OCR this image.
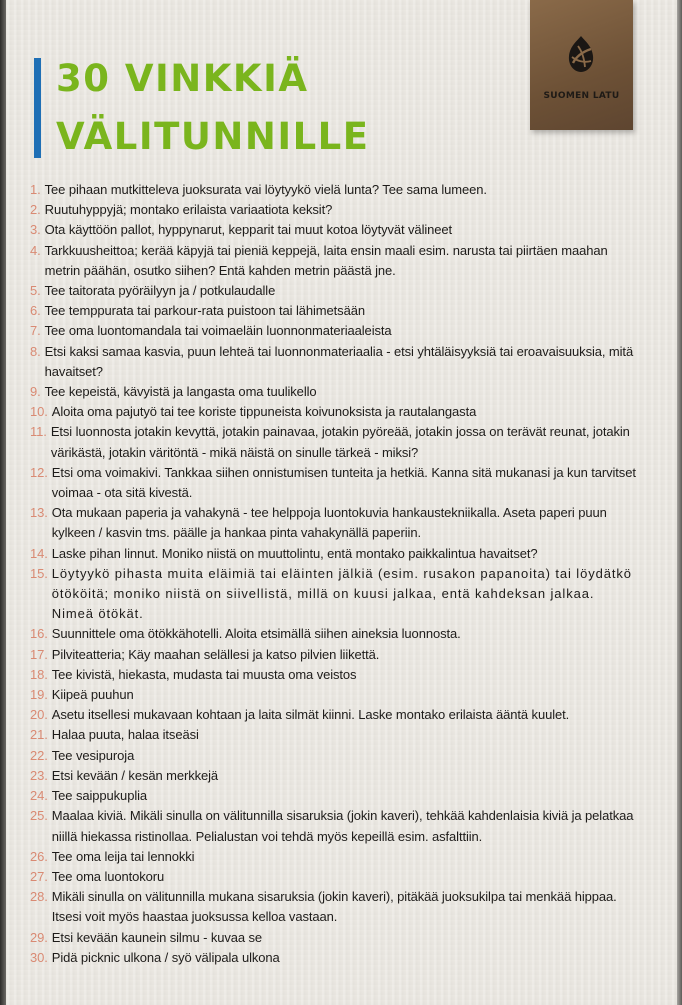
30 VINKKIÄ
VÄLITUNNILLE
SUOMEN LATU
1. Tee pihaan mutkitteleva juoksurata vai löytyykö vielä lunta? Tee sama lumeen.
2. Ruutuhyppyjä; montako erilaista variaatiota keksit?
3. Ota käyttöön pallot, hyppynarut, kepparit tai muut kotoa löytyvät välineet
4. Tarkkuusheittoa; kerää käpyjä tai pieniä keppejä, laita ensin maali esim. narusta tai piirtäen maahan metrin päähän, osutko siihen? Entä kahden metrin päästä jne.
5. Tee taitorata pyöräilyyn ja / potkulaudalle
6. Tee temppurata tai parkour-rata puistoon tai lähimetsään
7. Tee oma luontomandala tai voimaeläin luonnonmateriaaleista
8. Etsi kaksi samaa kasvia, puun lehteä tai luonnonmateriaalia - etsi yhtäläisyyksiä tai eroavaisuuksia, mitä havaitset?
9. Tee kepeistä, kävyistä ja langasta oma tuulikello
10. Aloita oma pajutyö tai tee koriste tippuneista koivunoksista ja rautalangasta
11. Etsi luonnosta jotakin kevyttä, jotakin painavaa, jotakin pyöreää, jotakin jossa on terävät reunat, jotakin värikästä, jotakin väritöntä - mikä näistä on sinulle tärkeä - miksi?
12. Etsi oma voimakivi. Tankkaa siihen onnistumisen tunteita ja hetkiä. Kanna sitä mukanasi ja kun tarvitset voimaa - ota sitä kivestä.
13. Ota mukaan paperia ja vahakynä - tee helppoja luontokuvia hankaustekniikalla. Aseta paperi puun kylkeen / kasvin tms. päälle ja hankaa pinta vahakynällä paperiin.
14. Laske pihan linnut. Moniko niistä on muuttolintu, entä montako paikkalintua havaitset?
15. Löytyykö pihasta muita eläimiä tai eläinten jälkiä (esim. rusakon papanoita) tai löydätkö ötököitä; moniko niistä on siivellistä, millä on kuusi jalkaa, entä kahdeksan jalkaa. Nimeä ötökät.
16. Suunnittele oma ötökkähotelli. Aloita etsimällä siihen aineksia luonnosta.
17. Pilviteatteria; Käy maahan selällesi ja katso pilvien liikettä.
18. Tee kivistä, hiekasta, mudasta tai muusta oma veistos
19. Kiipeä puuhun
20. Asetu itsellesi mukavaan kohtaan ja laita silmät kiinni. Laske montako erilaista ääntä kuulet.
21. Halaa puuta, halaa itseäsi
22. Tee vesipuroja
23. Etsi kevään / kesän merkkejä
24. Tee saippukuplia
25. Maalaa kiviä. Mikäli sinulla on välitunnilla sisaruksia (jokin kaveri), tehkää kahdenlaisia kiviä ja pelatkaa niillä hiekassa ristinollaa. Pelialustan voi tehdä myös kepeillä esim. asfalttiin.
26. Tee oma leija tai lennokki
27. Tee oma luontokoru
28. Mikäli sinulla on välitunnilla mukana sisaruksia (jokin kaveri), pitäkää juoksukilpa tai menkää hippaa. Itsesi voit myös haastaa juoksussa kelloa vastaan.
29. Etsi kevään kaunein silmu - kuvaa se
30. Pidä picknic ulkona / syö välipala ulkona
